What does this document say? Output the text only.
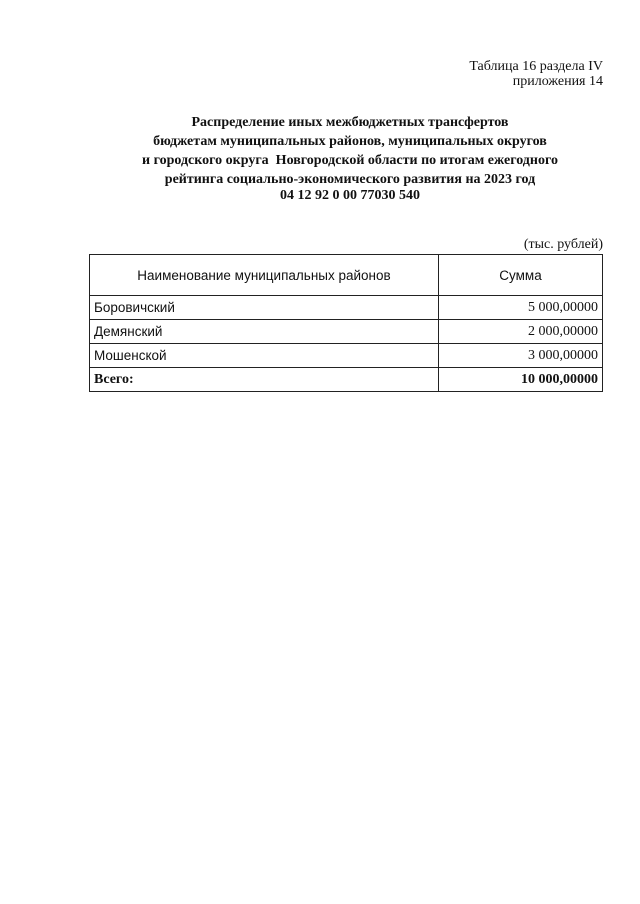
Таблица 16 раздела IV
приложения 14
Распределение иных межбюджетных трансфертов
бюджетам муниципальных районов, муниципальных округов
и городского округа  Новгородской области по итогам ежегодного
рейтинга социально-экономического развития на 2023 год
04 12 92 0 00 77030 540
(тыс. рублей)
Наименование муниципальных районов	Сумма
Боровичский	5 000,00000
Демянский	2 000,00000
Мошенской	3 000,00000
Всего:	10 000,00000
